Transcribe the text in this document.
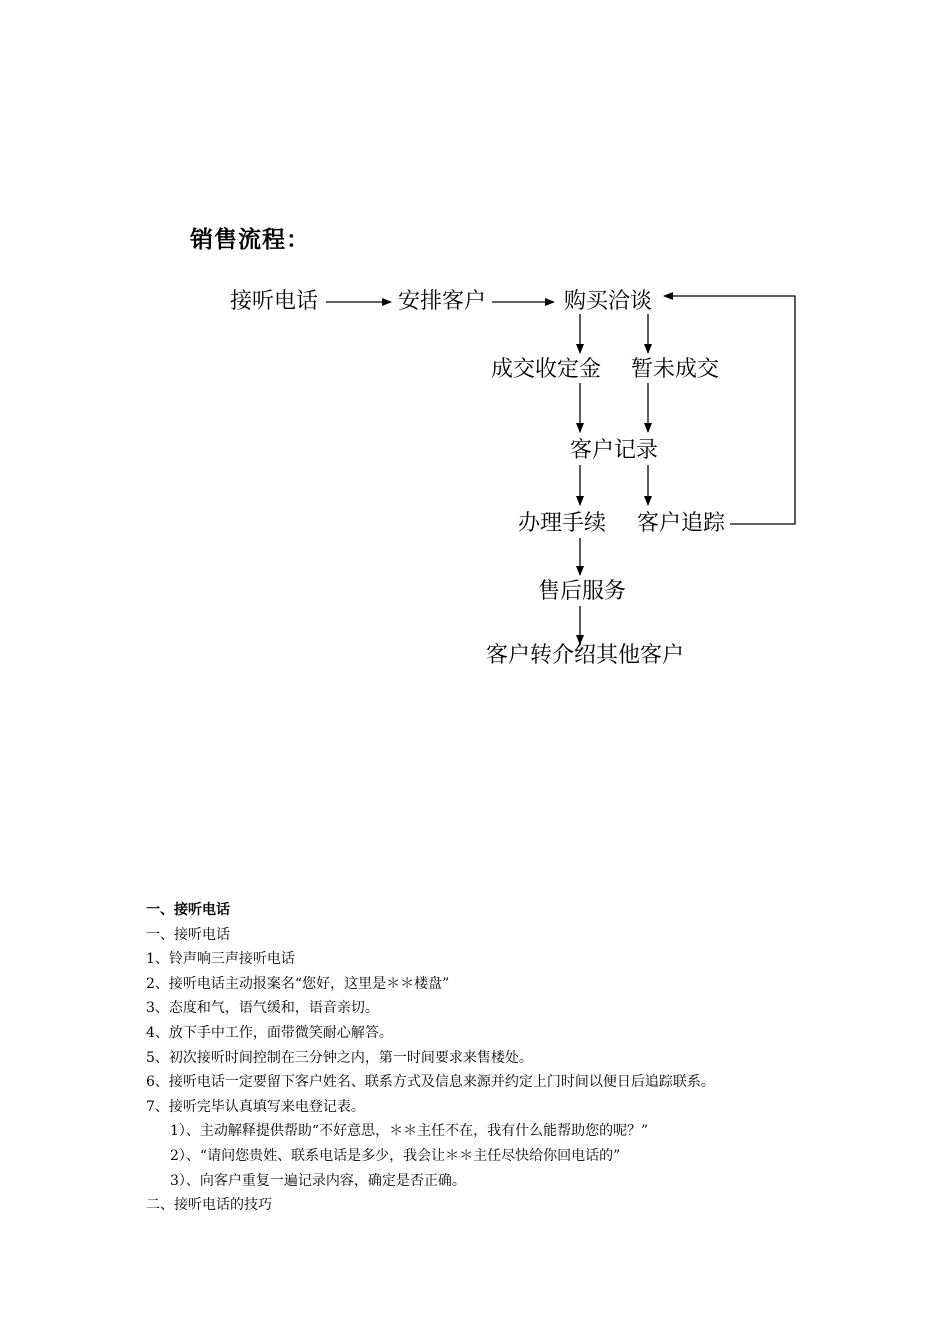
销售流程：
接听电话	安排客户	购买洽谈
成交收定金 暂未成交
客户记录
办理手续 客户追踪
售后服务
客户转介绍其他客户
一、接听电话
一、接听电话
1、铃声响三声接听电话
2、接听电话主动报案名“您好，这里是＊＊楼盘”
3、态度和气，语气缓和，语音亲切。
4、放下手中工作，面带微笑耐心解答。
5、初次接听时间控制在三分钟之内，第一时间要求来售楼处。
6、接听电话一定要留下客户姓名、联系方式及信息来源并约定上门时间以便日后追踪联系。
7、接听完毕认真填写来电登记表。
1）、主动解释提供帮助“不好意思，＊＊主任不在，我有什么能帮助您的呢？”
2）、“请问您贵姓、联系电话是多少，我会让＊＊主任尽快给你回电话的”
3）、向客户重复一遍记录内容，确定是否正确。
二、接听电话的技巧
